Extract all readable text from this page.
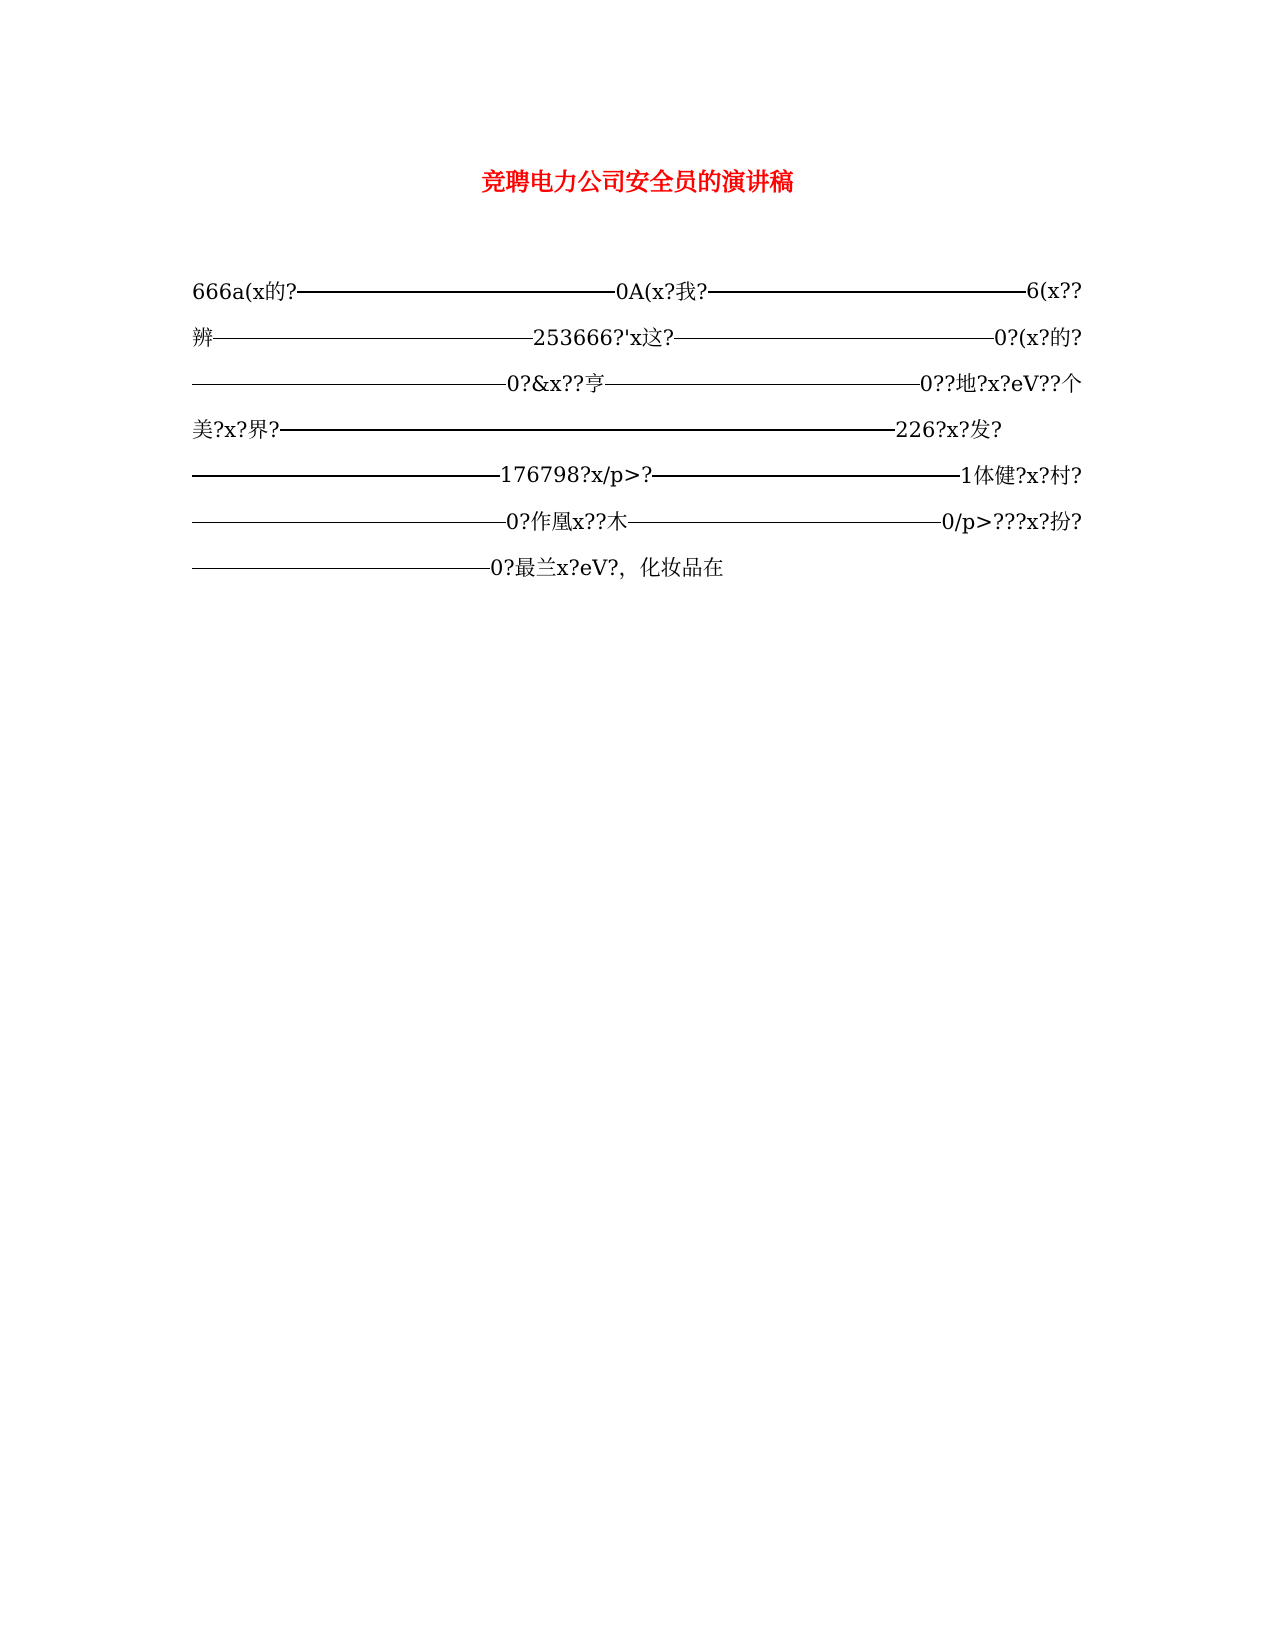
竞聘电力公司安全员的演讲稿
666a(x的?	0A(x?我?	6(x??
辨	253666?'x这?	0?(x?的?
0?&x??亨	0??地?x?eV??个
美?x?界?	226?x?发?
176798?x/p>?	1体健?x?村?
0?作凰x??木	0/p>???x?扮?
0?最兰x?eV?，化妆品在
